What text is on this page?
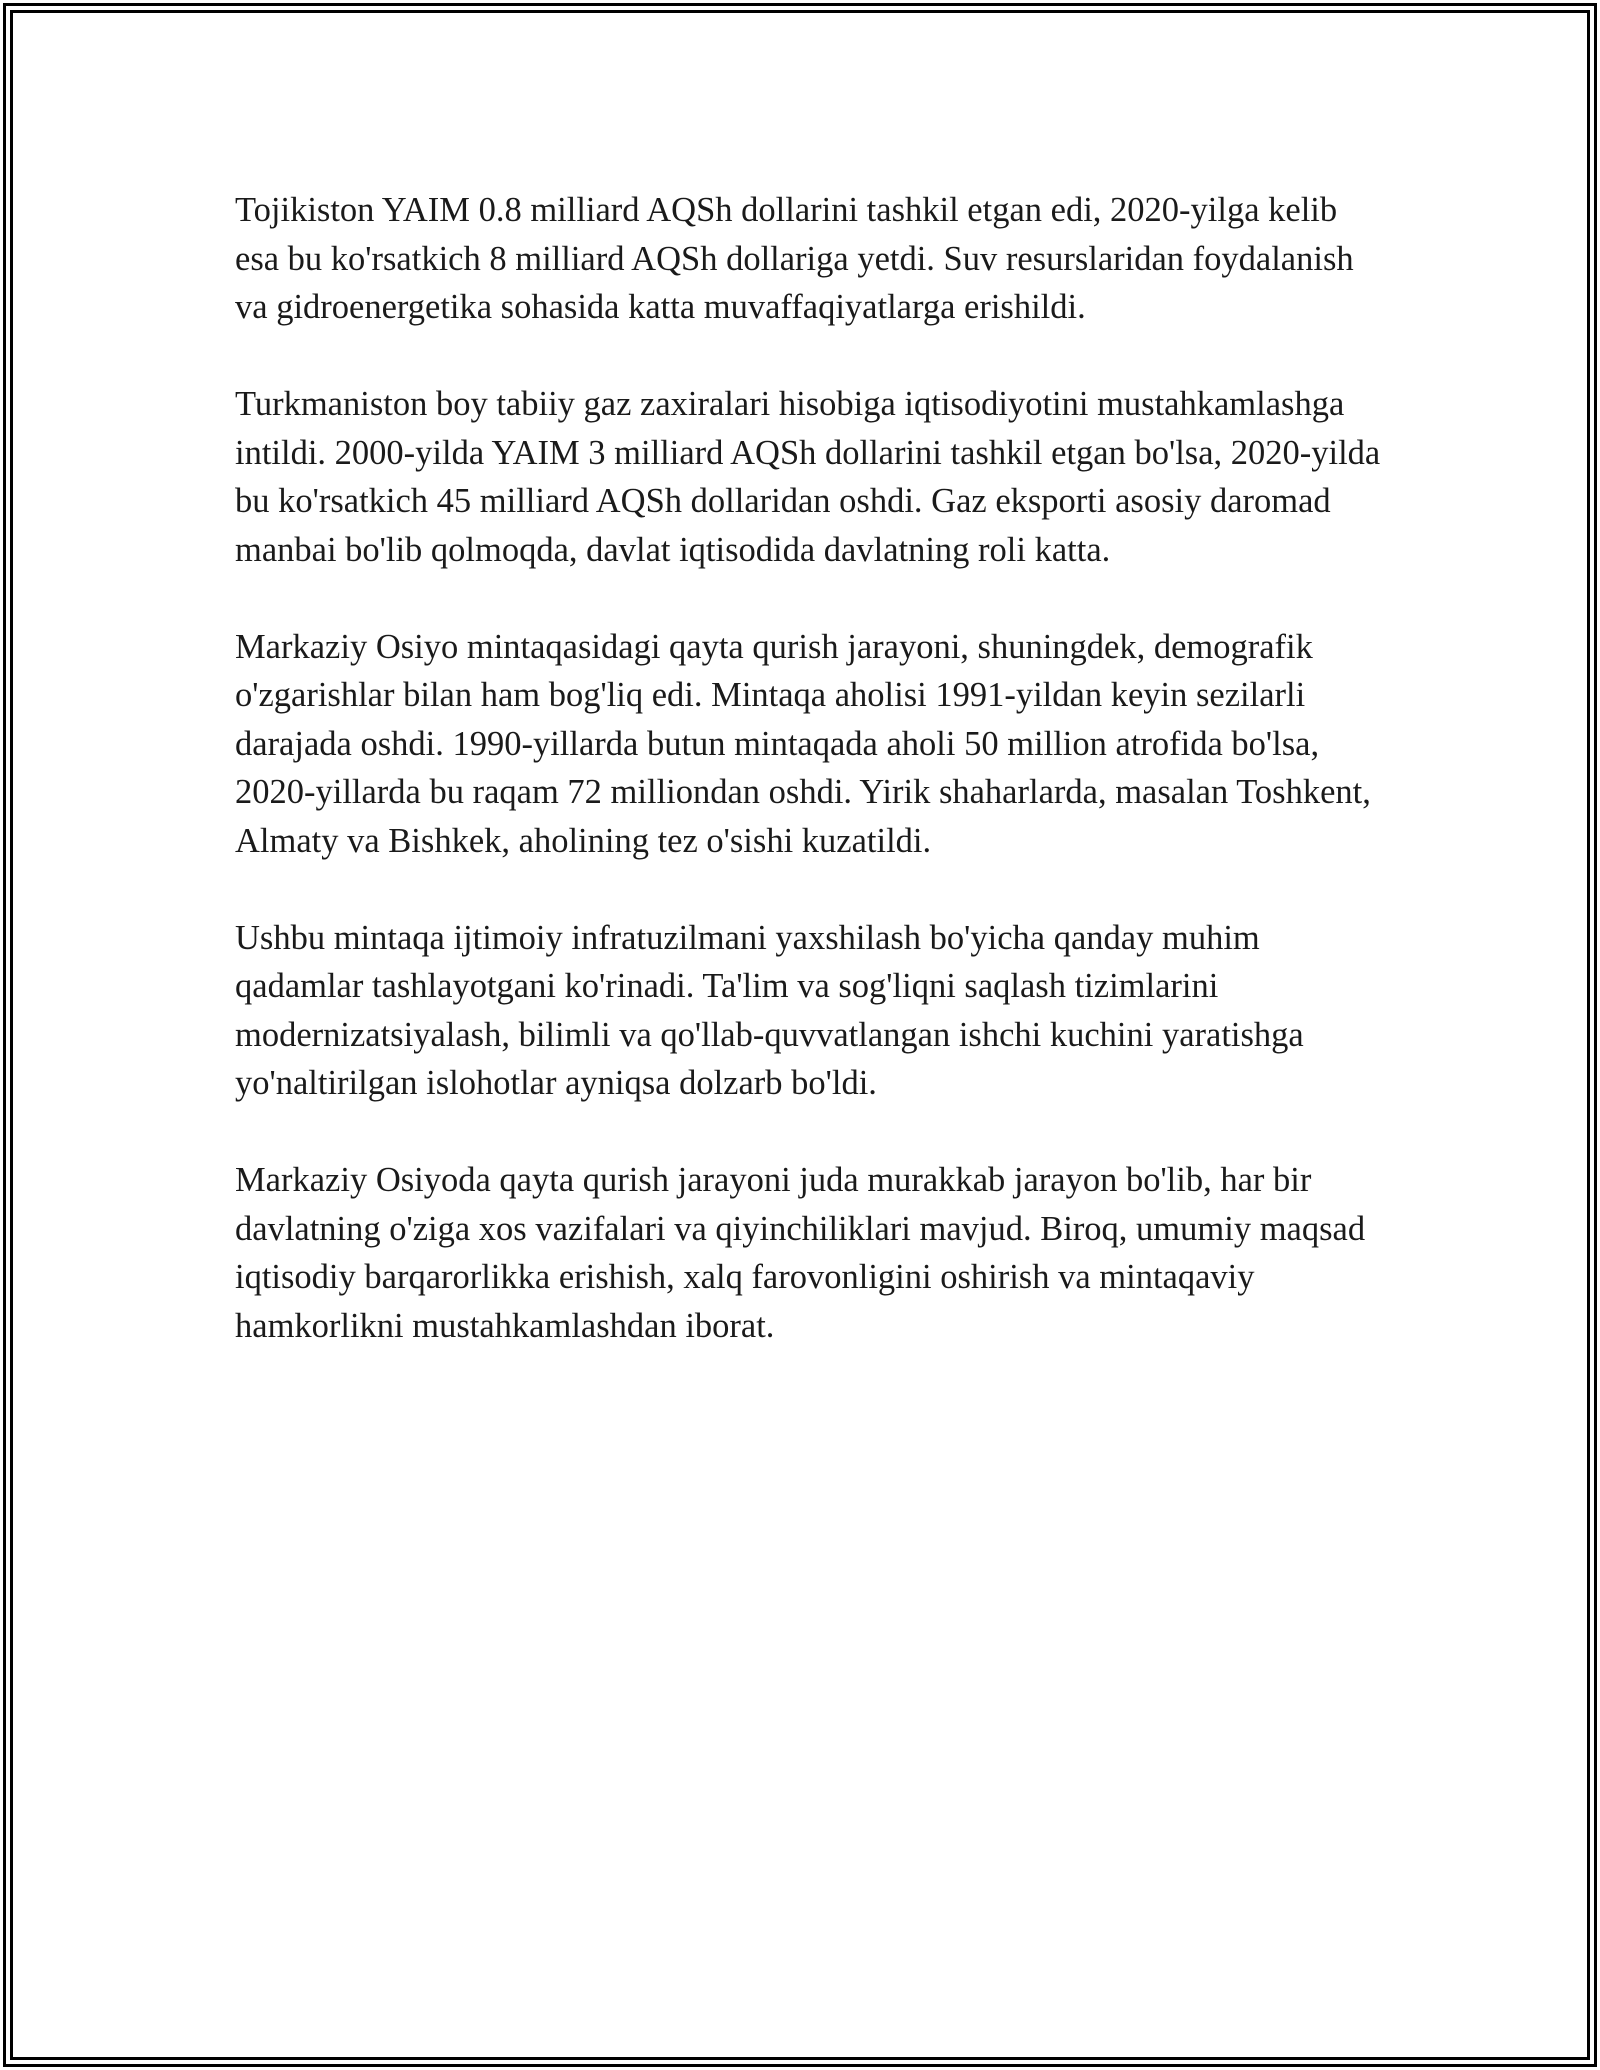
Tojikiston YAIM 0.8 milliard AQSh dollarini tashkil etgan edi, 2020-yilga kelib esa bu ko'rsatkich 8 milliard AQSh dollariga yetdi. Suv resurslaridan foydalanish va gidroenergetika sohasida katta muvaffaqiyatlarga erishildi.

Turkmaniston boy tabiiy gaz zaxiralari hisobiga iqtisodiyotini mustahkamlashga intildi. 2000-yilda YAIM 3 milliard AQSh dollarini tashkil etgan bo'lsa, 2020-yilda bu ko'rsatkich 45 milliard AQSh dollaridan oshdi. Gaz eksporti asosiy daromad manbai bo'lib qolmoqda, davlat iqtisodida davlatning roli katta.

Markaziy Osiyo mintaqasidagi qayta qurish jarayoni, shuningdek, demografik o'zgarishlar bilan ham bog'liq edi. Mintaqa aholisi 1991-yildan keyin sezilarli darajada oshdi. 1990-yillarda butun mintaqada aholi 50 million atrofida bo'lsa, 2020-yillarda bu raqam 72 milliondan oshdi. Yirik shaharlarda, masalan Toshkent, Almaty va Bishkek, aholining tez o'sishi kuzatildi.

Ushbu mintaqa ijtimoiy infratuzilmani yaxshilash bo'yicha qanday muhim qadamlar tashlayotgani ko'rinadi. Ta'lim va sog'liqni saqlash tizimlarini modernizatsiyalash, bilimli va qo'llab-quvvatlangan ishchi kuchini yaratishga yo'naltirilgan islohotlar ayniqsa dolzarb bo'ldi.

Markaziy Osiyoda qayta qurish jarayoni juda murakkab jarayon bo'lib, har bir davlatning o'ziga xos vazifalari va qiyinchiliklari mavjud. Biroq, umumiy maqsad iqtisodiy barqarorlikka erishish, xalq farovonligini oshirish va mintaqaviy hamkorlikni mustahkamlashdan iborat.
